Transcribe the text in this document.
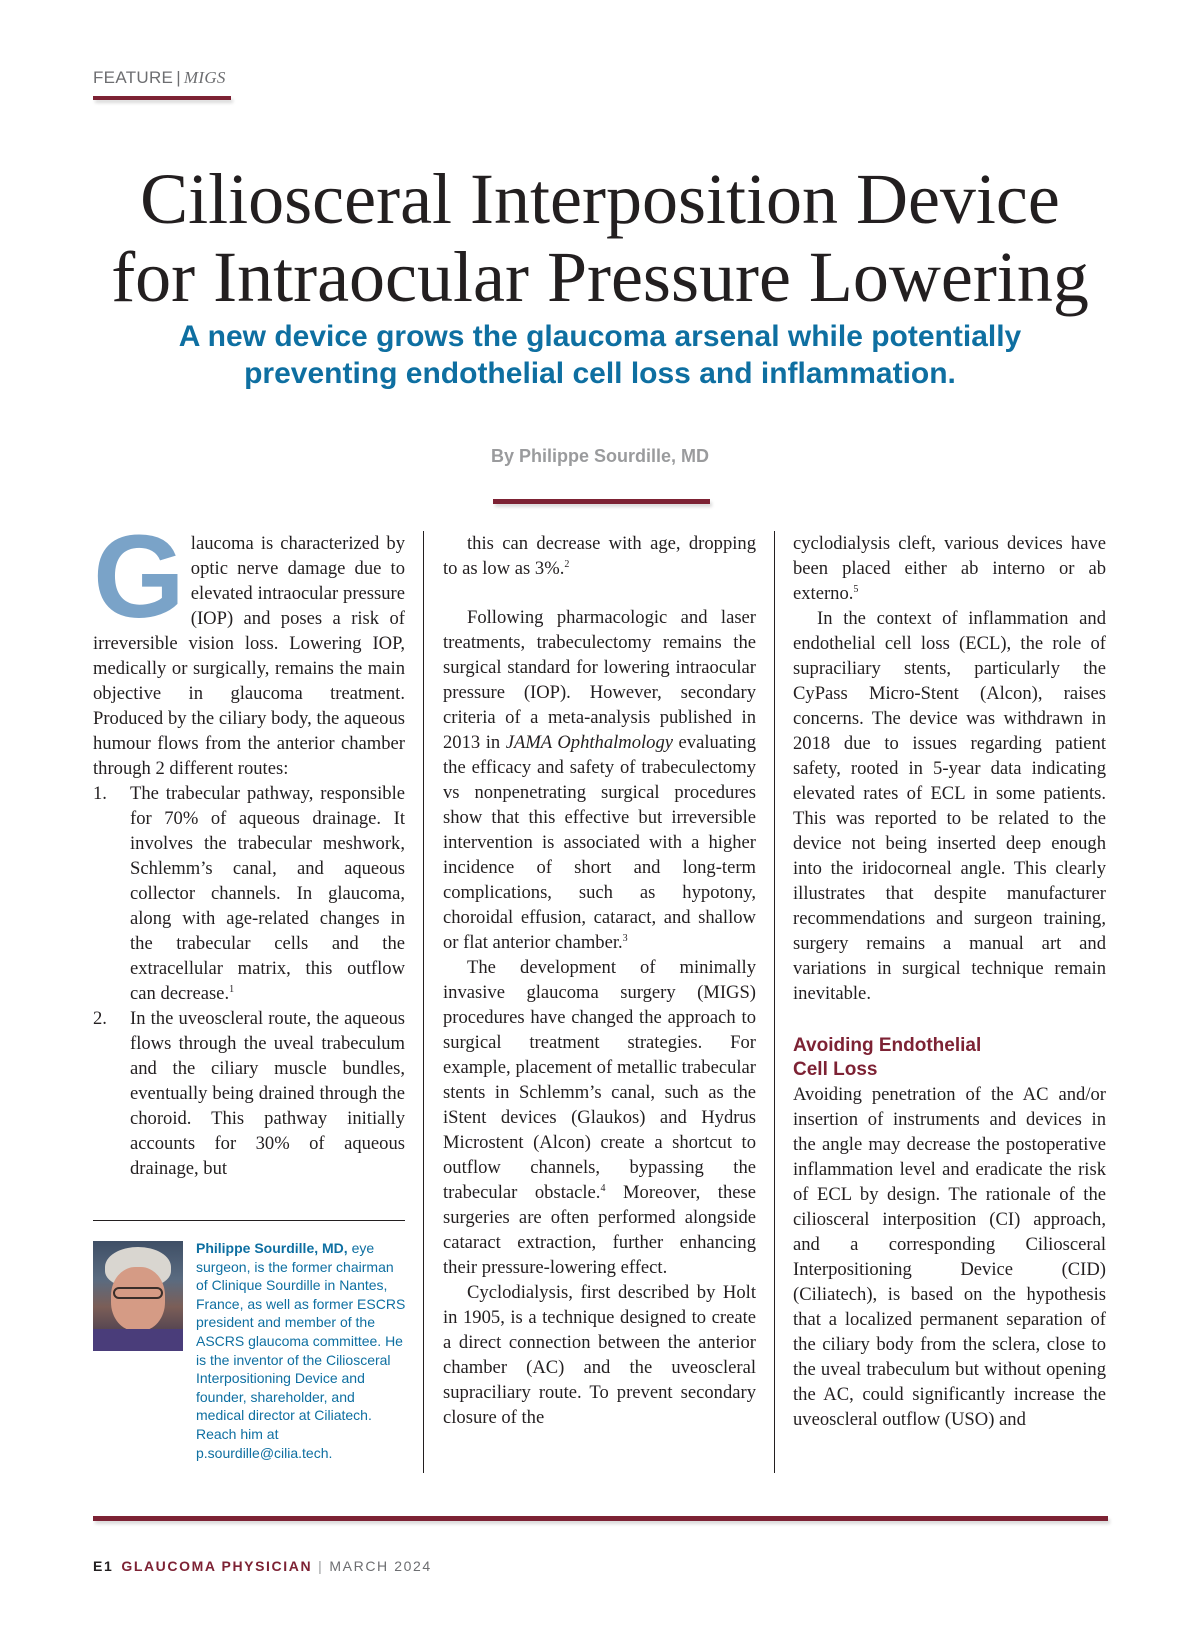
FEATURE | MIGS
Ciliosceral Interposition Device
for Intraocular Pressure Lowering

A new device grows the glaucoma arsenal while potentially preventing endothelial cell loss and inflammation.

By Philippe Sourdille, MD

Glaucoma is characterized by optic nerve damage due to elevated intraocular pressure (IOP) and poses a risk of irreversible vision loss. Lowering IOP, medically or surgically, remains the main objective in glaucoma treatment. Produced by the ciliary body, the aqueous humour flows from the anterior chamber through 2 different routes:

1. The trabecular pathway, responsible for 70% of aqueous drainage. It involves the trabecular meshwork, Schlemm’s canal, and aqueous collector channels. In glaucoma, along with age-related changes in the trabecular cells and the extracellular matrix, this outflow can decrease.$^1$
2. In the uveoscleral route, the aqueous flows through the uveal trabeculum and the ciliary muscle bundles, eventually being drained through the choroid. This pathway initially accounts for 30% of aqueous drainage, but
Philippe Sourdille, MD, eye surgeon, is the former chairman of Clinique Sourdille in Nantes, France, as well as former ESCRS president and member of the ASCRS glaucoma committee. He is the inventor of the Ciliosceral Interpositioning Device and founder, shareholder, and medical director at Ciliatech. Reach him at p.sourdille@cilia.tech.

this can decrease with age, dropping to as low as 3%.$^2$

Following pharmacologic and laser treatments, trabeculectomy remains the surgical standard for lowering intraocular pressure (IOP). However, secondary criteria of a meta-analysis published in 2013 in JAMA Ophthalmology evaluating the efficacy and safety of trabeculectomy vs nonpenetrating surgical procedures show that this effective but irreversible intervention is associated with a higher incidence of short and long-term complications, such as hypotony, choroidal effusion, cataract, and shallow or flat anterior chamber.$^3$

The development of minimally invasive glaucoma surgery (MIGS) procedures have changed the approach to surgical treatment strategies. For example, placement of metallic trabecular stents in Schlemm’s canal, such as the iStent devices (Glaukos) and Hydrus Microstent (Alcon) create a shortcut to outflow channels, bypassing the trabecular obstacle.$^4$ Moreover, these surgeries are often performed alongside cataract extraction, further enhancing their pressure-lowering effect.

Cyclodialysis, first described by Holt in 1905, is a technique designed to create a direct connection between the anterior chamber (AC) and the uveoscleral supraciliary route. To prevent secondary closure of the

cyclodialysis cleft, various devices have been placed either ab interno or ab externo.$^5$

In the context of inflammation and endothelial cell loss (ECL), the role of supraciliary stents, particularly the CyPass Micro-Stent (Alcon), raises concerns. The device was withdrawn in 2018 due to issues regarding patient safety, rooted in 5-year data indicating elevated rates of ECL in some patients. This was reported to be related to the device not being inserted deep enough into the iridocorneal angle. This clearly illustrates that despite manufacturer recommendations and surgeon training, surgery remains a manual art and variations in surgical technique remain inevitable.

Avoiding Endothelial
Cell Loss

Avoiding penetration of the AC and/or insertion of instruments and devices in the angle may decrease the postoperative inflammation level and eradicate the risk of ECL by design. The rationale of the ciliosceral interposition (CI) approach, and a corresponding Ciliosceral Interpositioning Device (CID) (Ciliatech), is based on the hypothesis that a localized permanent separation of the ciliary body from the sclera, close to the uveal trabeculum but without opening the AC, could significantly increase the uveoscleral outflow (USO) and

E1 GLAUCOMA PHYSICIAN | MARCH 2024
